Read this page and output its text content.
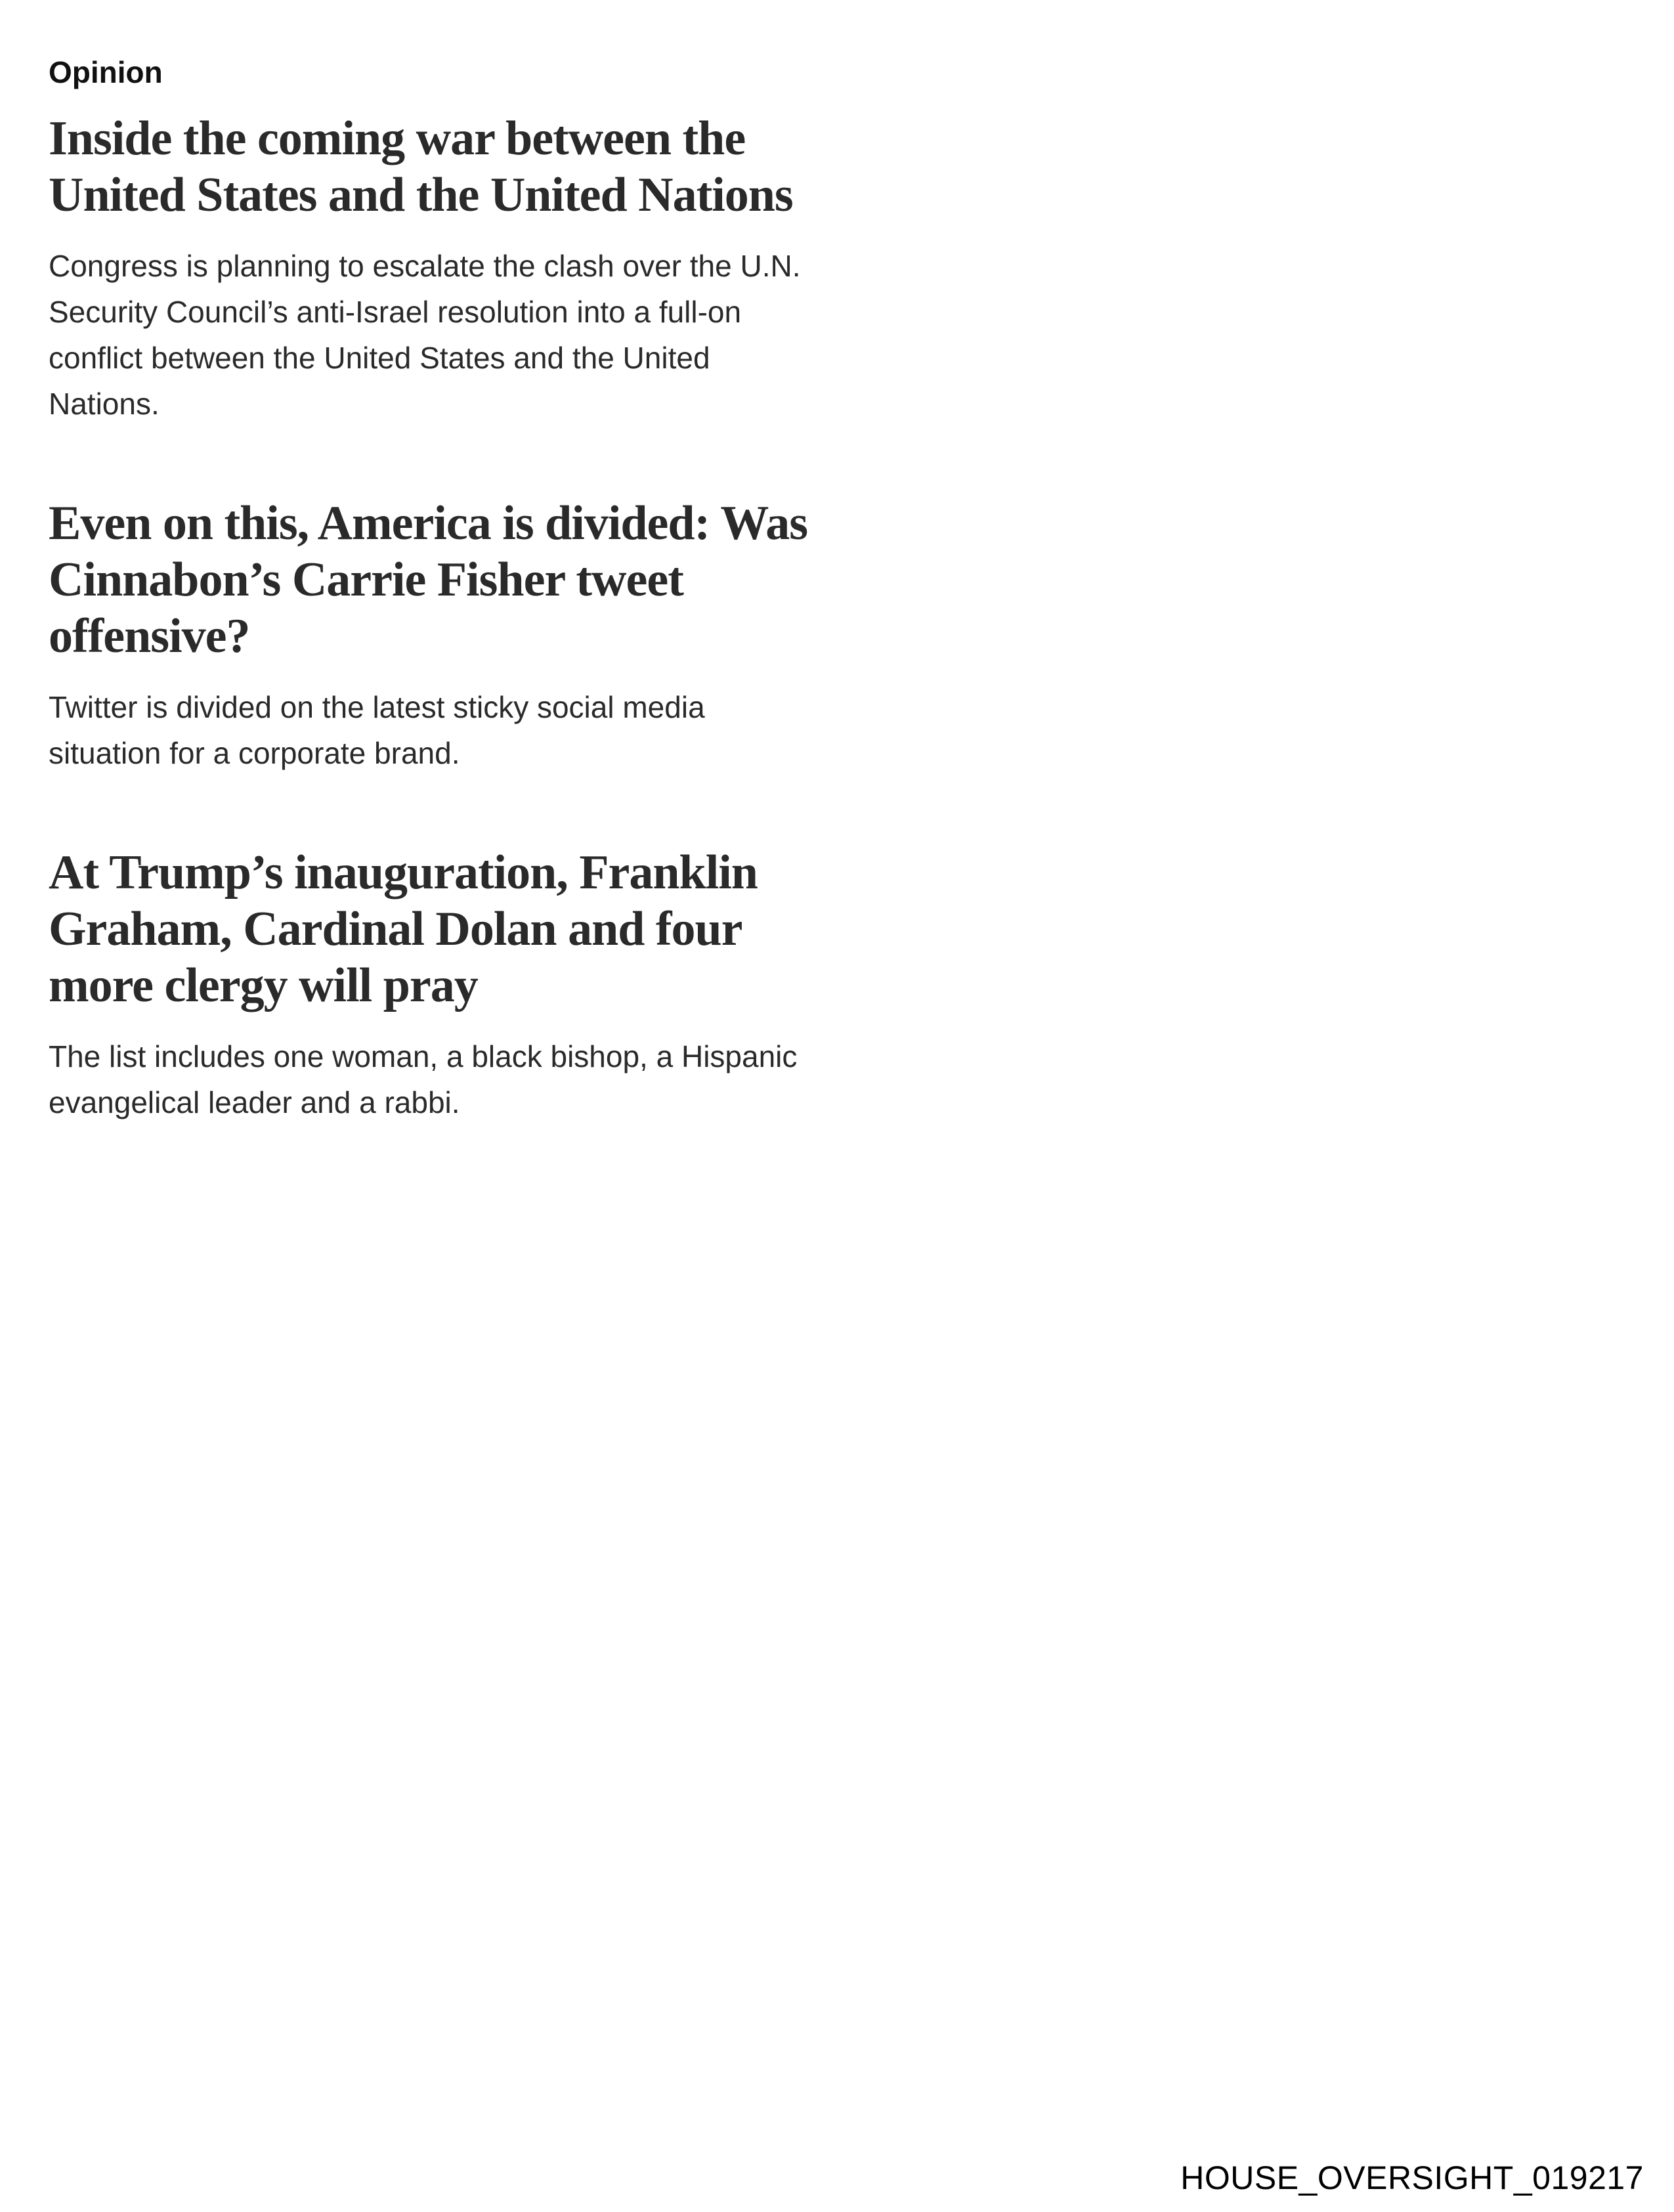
Opinion
Inside the coming war between the United States and the United Nations

Congress is planning to escalate the clash over the U.N. Security Council’s anti-Israel resolution into a full-on conflict between the United States and the United Nations.

Even on this, America is divided: Was Cinnabon’s Carrie Fisher tweet offensive?

Twitter is divided on the latest sticky social media situation for a corporate brand.

At Trump’s inauguration, Franklin Graham, Cardinal Dolan and four more clergy will pray

The list includes one woman, a black bishop, a Hispanic evangelical leader and a rabbi.

HOUSE_OVERSIGHT_019217
